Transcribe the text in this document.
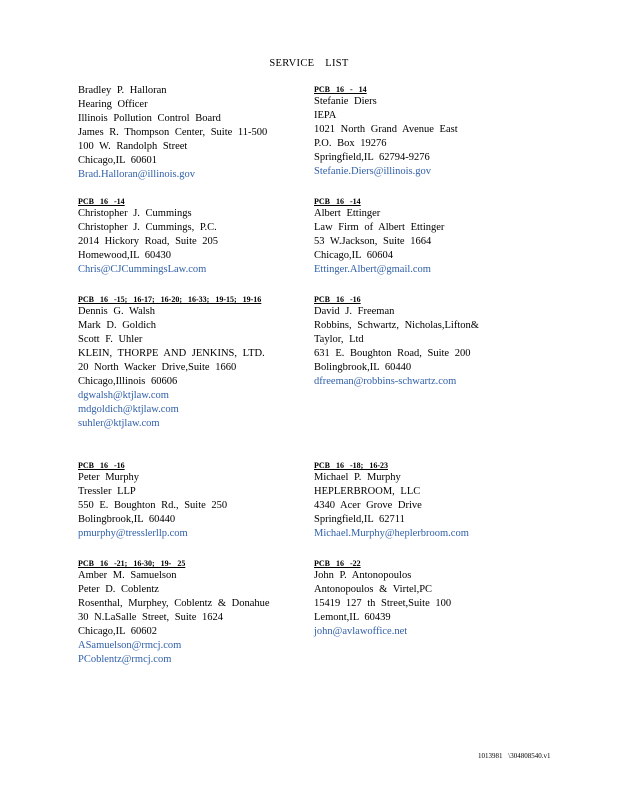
SERVICE LIST
Bradley P. Halloran
Hearing Officer
Illinois Pollution Control Board
James R. Thompson Center, Suite 11-500
100 W. Randolph Street
Chicago,IL 60601
Brad.Halloran@illinois.gov
PCB 16 -14
Christopher J. Cummings
Christopher J. Cummings, P.C.
2014 Hickory Road, Suite 205
Homewood,IL 60430
Chris@CJCummingsLaw.com
PCB 16 -15; 16-17; 16-20; 16-33; 19-15; 19-16
Dennis G. Walsh
Mark D. Goldich
Scott F. Uhler
KLEIN, THORPE AND JENKINS, LTD.
20 North Wacker Drive,Suite 1660
Chicago,Illinois 60606
dgwalsh@ktjlaw.com
mdgoldich@ktjlaw.com
suhler@ktjlaw.com
PCB 16 -16
Peter Murphy
Tressler LLP
550 E. Boughton Rd., Suite 250
Bolingbrook,IL 60440
pmurphy@tresslerllp.com
PCB 16 -21; 16-30; 19- 25
Amber M. Samuelson
Peter D. Coblentz
Rosenthal, Murphey, Coblentz & Donahue
30 N.LaSalle Street, Suite 1624
Chicago,IL 60602
ASamuelson@rmcj.com
PCoblentz@rmcj.com
PCB 16 - 14
Stefanie Diers
IEPA
1021 North Grand Avenue East
P.O. Box 19276
Springfield,IL 62794-9276
Stefanie.Diers@illinois.gov
PCB 16 -14
Albert Ettinger
Law Firm of Albert Ettinger
53 W.Jackson, Suite 1664
Chicago,IL 60604
Ettinger.Albert@gmail.com
PCB 16 -16
David J. Freeman
Robbins, Schwartz, Nicholas,Lifton&
Taylor, Ltd
631 E. Boughton Road, Suite 200
Bolingbrook,IL 60440
dfreeman@robbins-schwartz.com
PCB 16 -18; 16-23
Michael P. Murphy
HEPLERBROOM, LLC
4340 Acer Grove Drive
Springfield,IL 62711
Michael.Murphy@heplerbroom.com
PCB 16 -22
John P. Antonopoulos
Antonopoulos & Virtel,PC
15419 127 th Street,Suite 100
Lemont,IL 60439
john@avlawoffice.net
1013981 \304808540.v1
